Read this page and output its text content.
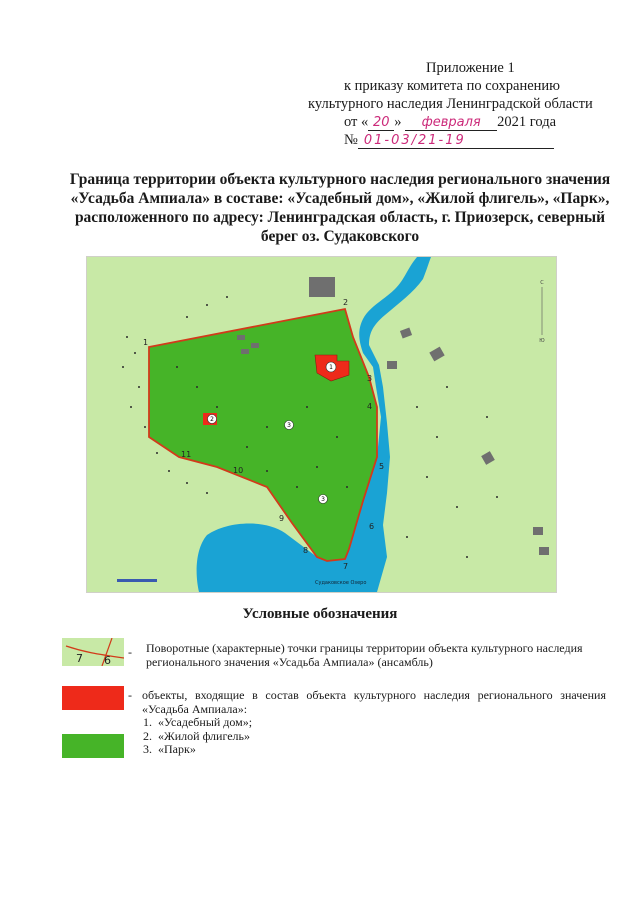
Приложение 1
к приказу комитета по сохранению
культурного наследия Ленинградской области
от « 20 » февраля 2021 года
№ 01-03/21-19
Граница территории объекта культурного наследия регионального значения «Усадьба Ампиала» в составе: «Усадебный дом», «Жилой флигель», «Парк», расположенного по адресу: Ленинградская область, г. Приозерск, северный берег оз. Судаковского
1
2
3
3
1
2
3
4
5
6
7
8
9
10
11
С
Ю
Судаковское Озеро
Условные обозначения
7 6
- Поворотные (характерные) точки границы территории объекта культурного наследия регионального значения «Усадьба Ампиала» (ансамбль)
- объекты, входящие в состав объекта культурного наследия регионального значения «Усадьба Ампиала»:
1. «Усадебный дом»;
2. «Жилой флигель»
3. «Парк»
